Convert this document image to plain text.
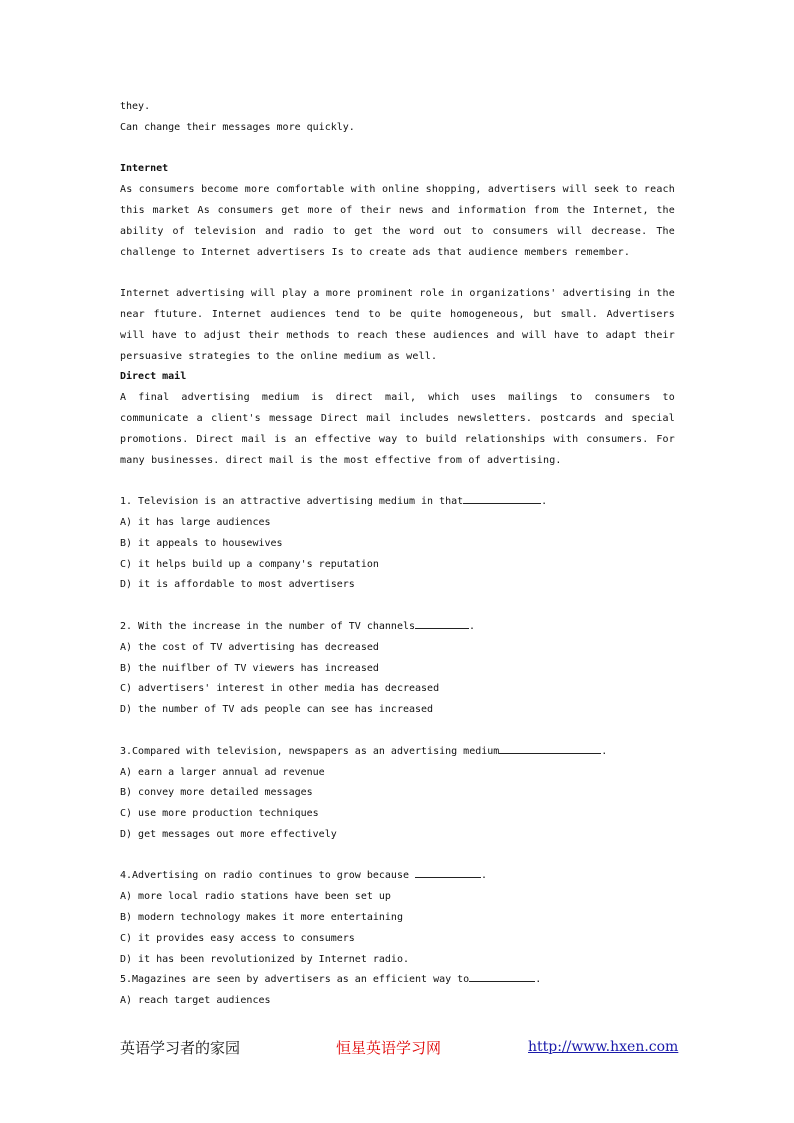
they.
Can change their messages more quickly.
Internet
As consumers become more comfortable with online shopping, advertisers will seek to reach this market As consumers get more of their news and information from the Internet, the ability of television and radio to get the word out to consumers will decrease. The challenge to Internet advertisers Is to create ads that audience members remember.
Internet advertising will play a more prominent role in organizations' advertising in the near ftuture. Internet audiences tend to be quite homogeneous, but small. Advertisers will have to adjust their methods to reach these audiences and will have to adapt their persuasive strategies to the online medium as well.
Direct mail
A final advertising medium is direct mail, which uses mailings to consumers to communicate a client's message Direct mail includes newsletters. postcards and special promotions. Direct mail is an effective way to build relationships with consumers. For many businesses. direct mail is the most effective from of advertising.
1. Television is an attractive advertising medium in that	.
A) it has large audiences
B) it appeals to housewives
C) it helps build up a company's reputation
D) it is affordable to most advertisers
2. With the increase in the number of TV channels	.
A) the cost of TV advertising has decreased
B) the nuiflber of TV viewers has increased
C) advertisers' interest in other media has decreased
D) the number of TV ads people can see has increased
3.Compared with television, newspapers as an advertising medium	.
A) earn a larger annual ad revenue
B) convey more detailed messages
C) use more production techniques
D) get messages out more effectively
4.Advertising on radio continues to grow because	.
A) more local radio stations have been set up
B) modern technology makes it more entertaining
C) it provides easy access to consumers
D) it has been revolutionized by Internet radio.
5.Magazines are seen by advertisers as an efficient way to	.
A) reach target audiences
英语学习者的家园	恒星英语学习网	http://www.hxen.com
